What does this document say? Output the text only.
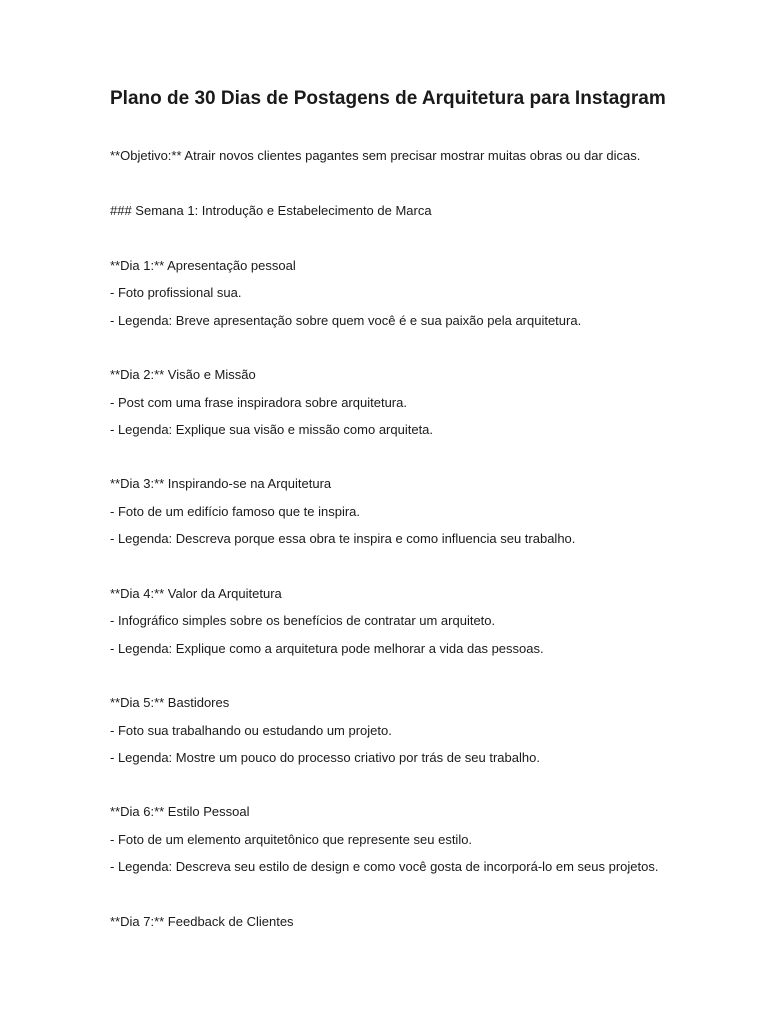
Plano de 30 Dias de Postagens de Arquitetura para Instagram

**Objetivo:** Atrair novos clientes pagantes sem precisar mostrar muitas obras ou dar dicas.

### Semana 1: Introdução e Estabelecimento de Marca

**Dia 1:** Apresentação pessoal

- Foto profissional sua.

- Legenda: Breve apresentação sobre quem você é e sua paixão pela arquitetura.

**Dia 2:** Visão e Missão

- Post com uma frase inspiradora sobre arquitetura.

- Legenda: Explique sua visão e missão como arquiteta.

**Dia 3:** Inspirando-se na Arquitetura

- Foto de um edifício famoso que te inspira.

- Legenda: Descreva porque essa obra te inspira e como influencia seu trabalho.

**Dia 4:** Valor da Arquitetura

- Infográfico simples sobre os benefícios de contratar um arquiteto.

- Legenda: Explique como a arquitetura pode melhorar a vida das pessoas.

**Dia 5:** Bastidores

- Foto sua trabalhando ou estudando um projeto.

- Legenda: Mostre um pouco do processo criativo por trás de seu trabalho.

**Dia 6:** Estilo Pessoal

- Foto de um elemento arquitetônico que represente seu estilo.

- Legenda: Descreva seu estilo de design e como você gosta de incorporá-lo em seus projetos.

**Dia 7:** Feedback de Clientes
